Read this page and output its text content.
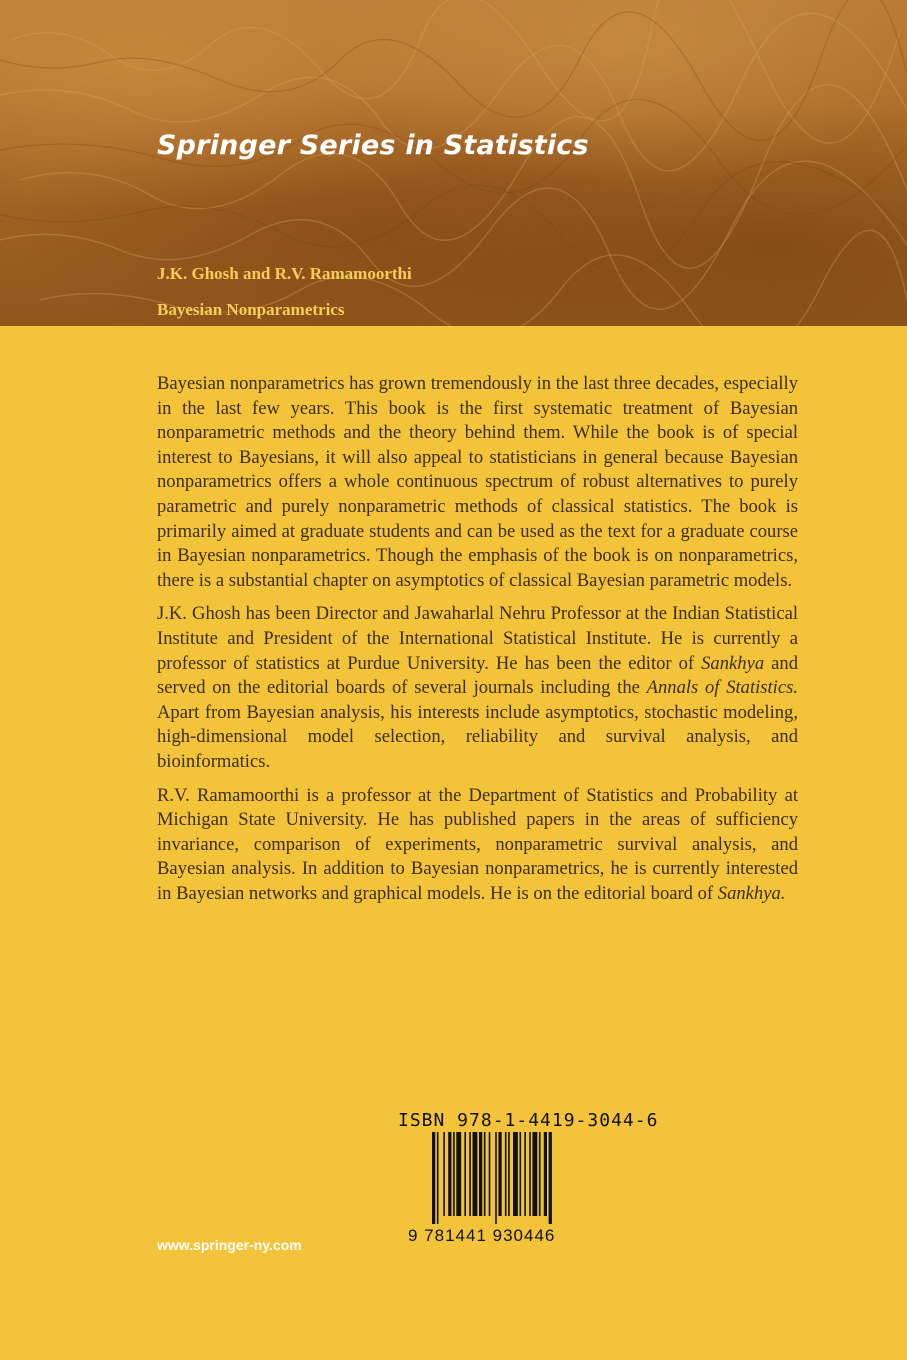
Springer Series in Statistics
J.K. Ghosh and R.V. Ramamoorthi
Bayesian Nonparametrics

Bayesian nonparametrics has grown tremendously in the last three decades, especially in the last few years. This book is the first systematic treatment of Bayesian nonparametric methods and the theory behind them. While the book is of special interest to Bayesians, it will also appeal to statisticians in general because Bayesian nonparametrics offers a whole continuous spectrum of robust alternatives to purely parametric and purely nonparametric methods of classical statistics. The book is primarily aimed at graduate students and can be used as the text for a graduate course in Bayesian nonparametrics. Though the emphasis of the book is on nonparametrics, there is a substantial chapter on asymptotics of classical Bayesian parametric models.

J.K. Ghosh has been Director and Jawaharlal Nehru Professor at the Indian Statistical Institute and President of the International Statistical Institute. He is currently a professor of statistics at Purdue University. He has been the editor of Sankhya and served on the editorial boards of several journals including the Annals of Statistics. Apart from Bayesian analysis, his interests include asymptotics, stochastic modeling, high-dimensional model selection, reliability and survival analysis, and bioinformatics.

R.V. Ramamoorthi is a professor at the Department of Statistics and Probability at Michigan State University. He has published papers in the areas of sufficiency invariance, comparison of experiments, nonparametric survival analysis, and Bayesian analysis. In addition to Bayesian nonparametrics, he is currently interested in Bayesian networks and graphical models. He is on the editorial board of Sankhya.

ISBN 978-1-4419-3044-6
9 781441 930446
www.springer-ny.com
